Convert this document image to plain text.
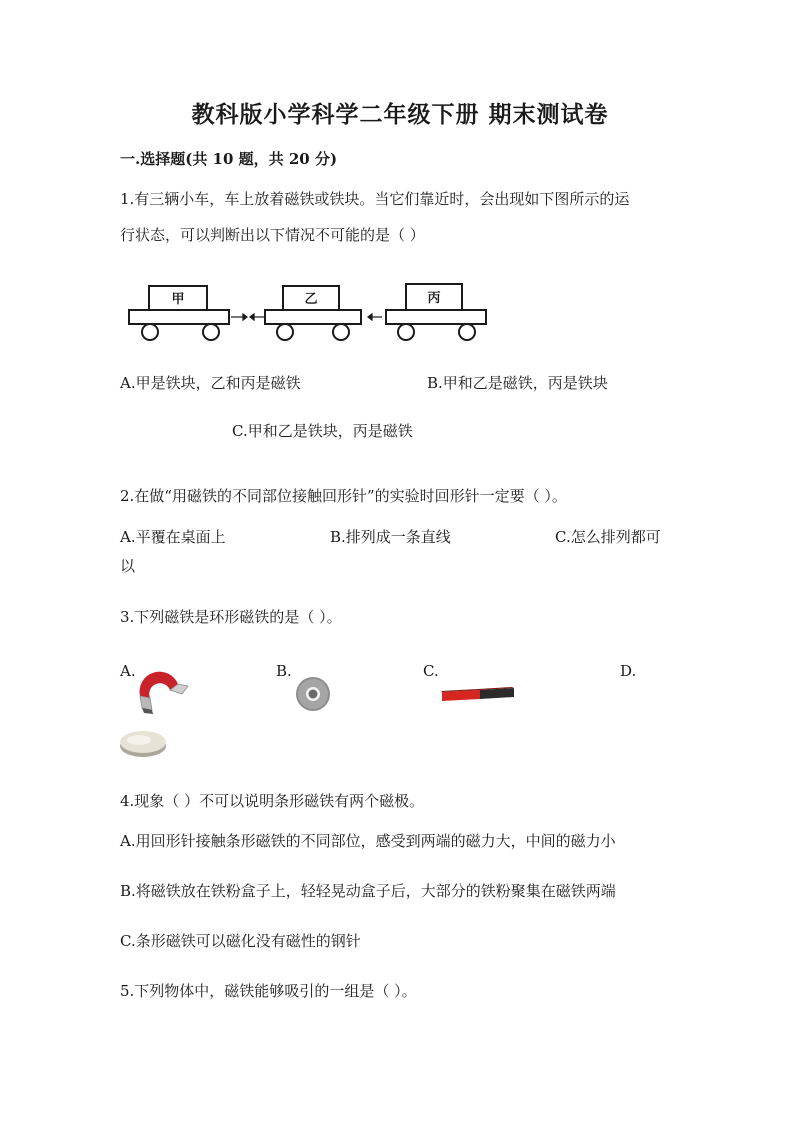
教科版小学科学二年级下册 期末测试卷
一.选择题(共 10 题，共 20 分)
1.有三辆小车，车上放着磁铁或铁块。当它们靠近时，会出现如下图所示的运
行状态，可以判断出以下情况不可能的是（ ）
甲	乙	丙
A.甲是铁块，乙和丙是磁铁	B.甲和乙是磁铁，丙是铁块
C.甲和乙是铁块，丙是磁铁
2.在做“用磁铁的不同部位接触回形针”的实验时回形针一定要（ ）。
A.平覆在桌面上	B.排列成一条直线	C.怎么排列都可
以
3.下列磁铁是环形磁铁的是（ ）。
A.	B.	C.	D.
4.现象（ ）不可以说明条形磁铁有两个磁极。
A.用回形针接触条形磁铁的不同部位，感受到两端的磁力大，中间的磁力小
B.将磁铁放在铁粉盒子上，轻轻晃动盒子后，大部分的铁粉聚集在磁铁两端
C.条形磁铁可以磁化没有磁性的钢针
5.下列物体中，磁铁能够吸引的一组是（ ）。
